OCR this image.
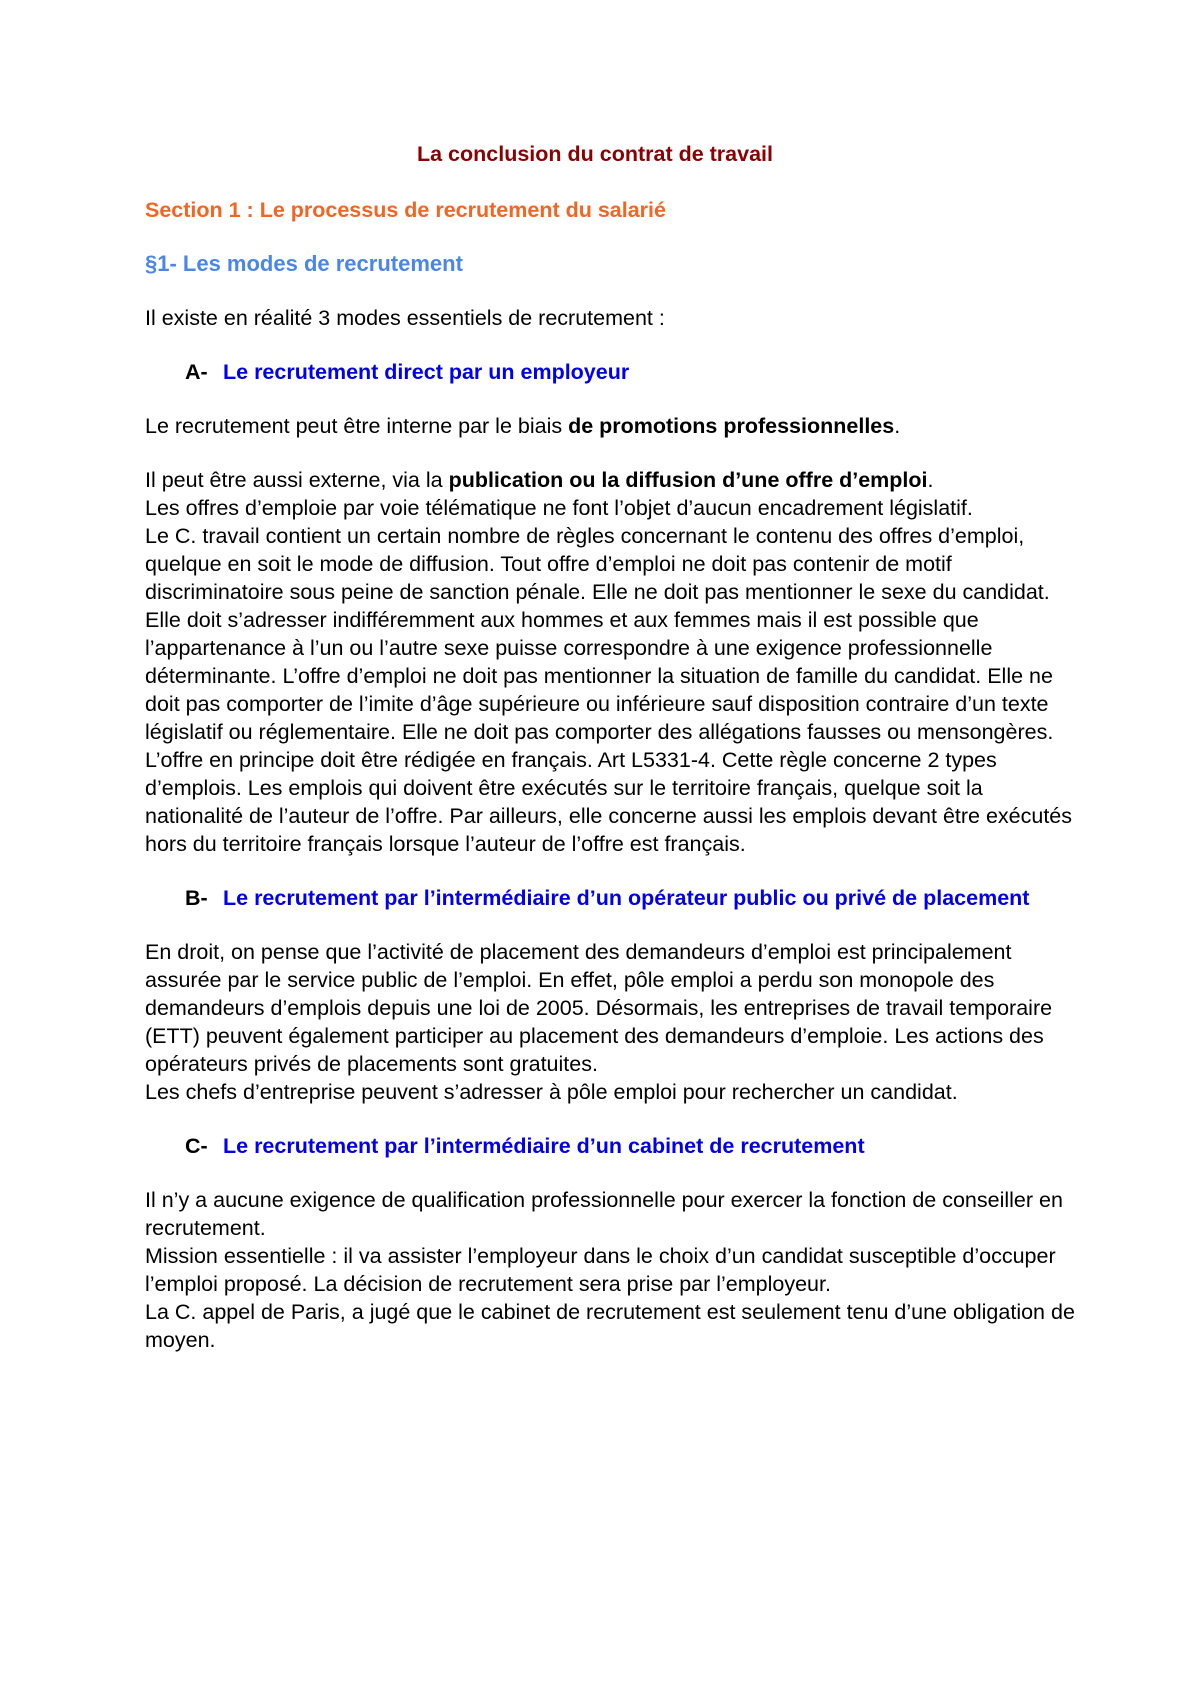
La conclusion du contrat de travail
Section 1 : Le processus de recrutement du salarié
§1- Les modes de recrutement

Il existe en réalité 3 modes essentiels de recrutement :

A- Le recrutement direct par un employeur

Le recrutement peut être interne par le biais de promotions professionnelles.

Il peut être aussi externe, via la publication ou la diffusion d’une offre d’emploi.
Les offres d’emploie par voie télématique ne font l’objet d’aucun encadrement législatif.
Le C. travail contient un certain nombre de règles concernant le contenu des offres d’emploi, quelque en soit le mode de diffusion. Tout offre d’emploi ne doit pas contenir de motif discriminatoire sous peine de sanction pénale. Elle ne doit pas mentionner le sexe du candidat. Elle doit s’adresser indifféremment aux hommes et aux femmes mais il est possible que l’appartenance à l’un ou l’autre sexe puisse correspondre à une exigence professionnelle déterminante. L’offre d’emploi ne doit pas mentionner la situation de famille du candidat. Elle ne doit pas comporter de l’imite d’âge supérieure ou inférieure sauf disposition contraire d’un texte législatif ou réglementaire. Elle ne doit pas comporter des allégations fausses ou mensongères.
L’offre en principe doit être rédigée en français. Art L5331-4. Cette règle concerne 2 types d’emplois. Les emplois qui doivent être exécutés sur le territoire français, quelque soit la nationalité de l’auteur de l’offre. Par ailleurs, elle concerne aussi les emplois devant être exécutés hors du territoire français lorsque l’auteur de l’offre est français.

B- Le recrutement par l’intermédiaire d’un opérateur public ou privé de placement

En droit, on pense que l’activité de placement des demandeurs d’emploi est principalement assurée par le service public de l’emploi. En effet, pôle emploi a perdu son monopole des demandeurs d’emplois depuis une loi de 2005. Désormais, les entreprises de travail temporaire (ETT) peuvent également participer au placement des demandeurs d’emploie. Les actions des opérateurs privés de placements sont gratuites.
Les chefs d’entreprise peuvent s’adresser à pôle emploi pour rechercher un candidat.

C- Le recrutement par l’intermédiaire d’un cabinet de recrutement

Il n’y a aucune exigence de qualification professionnelle pour exercer la fonction de conseiller en recrutement.
Mission essentielle : il va assister l’employeur dans le choix d’un candidat susceptible d’occuper l’emploi proposé. La décision de recrutement sera prise par l’employeur.
La C. appel de Paris, a jugé que le cabinet de recrutement est seulement tenu d’une obligation de moyen.
